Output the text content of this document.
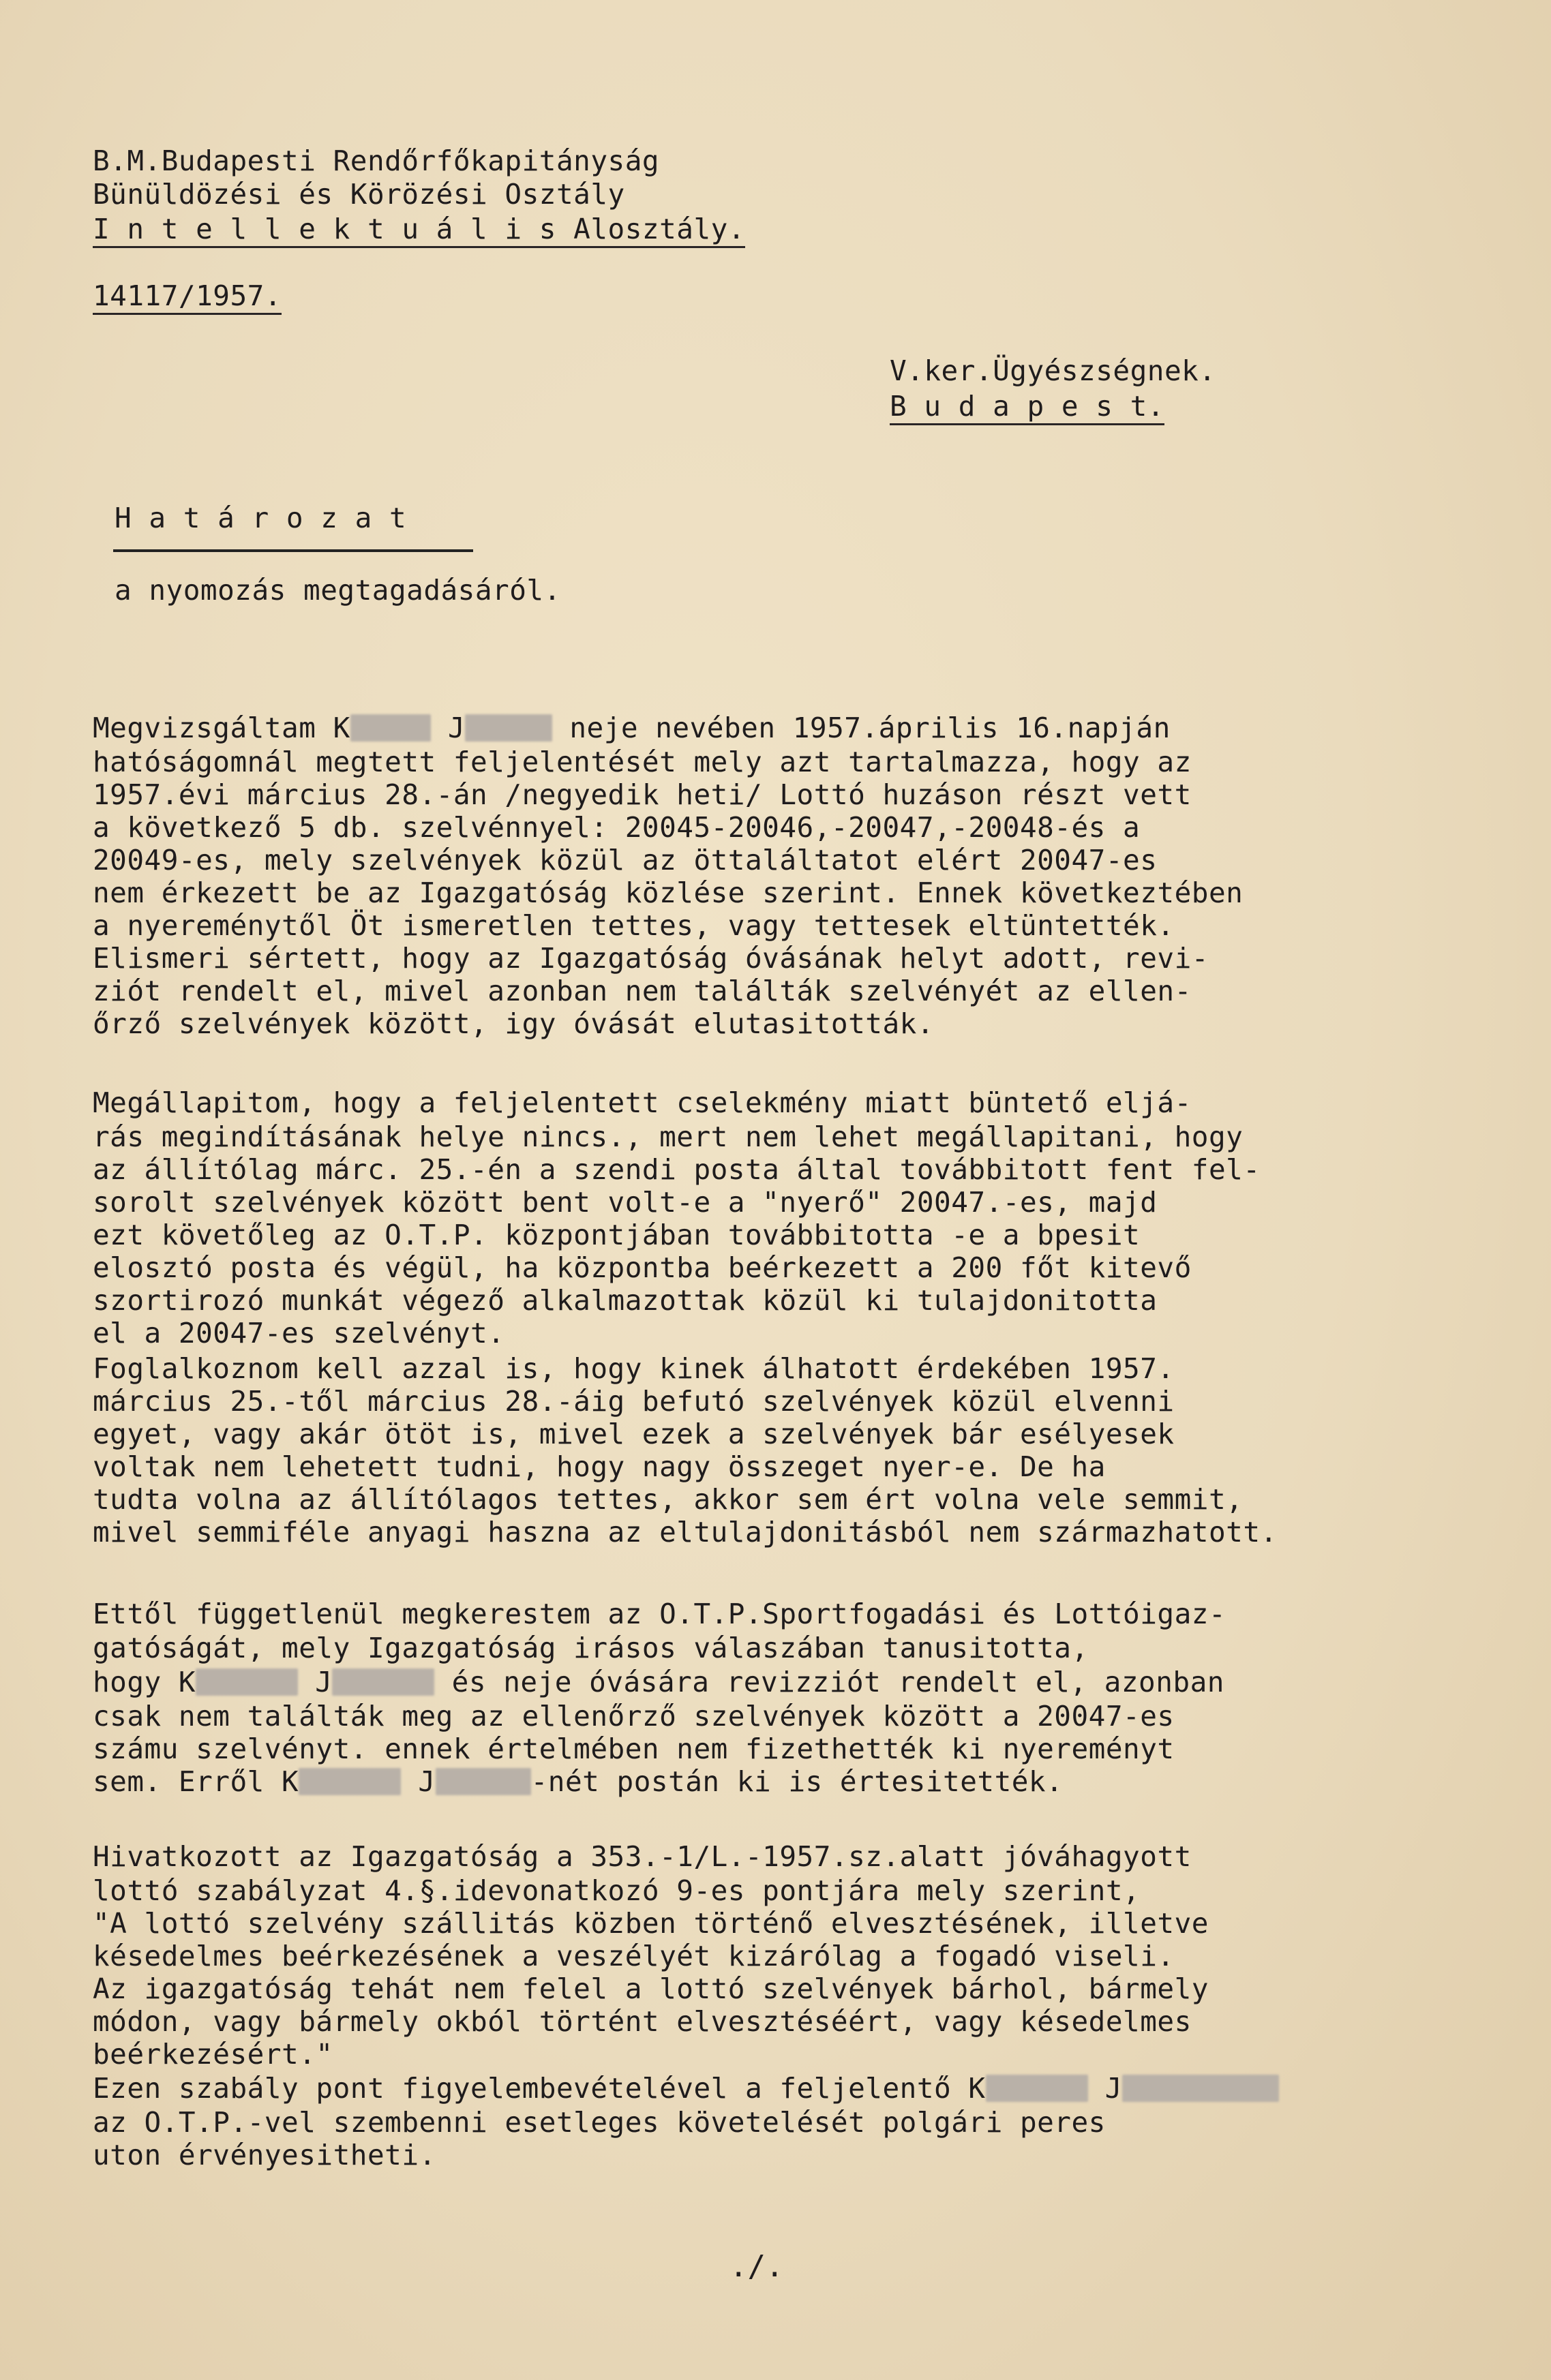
B.M.Budapesti Rendőrfőkapitányság
Bünüldözési és Körözési Osztály
I n t e l l e k t u á l i s Alosztály.
14117/1957.
V.ker.Ügyészségnek.
B u d a p e s t.
H a t á r o z a t
a nyomozás megtagadásáról.
Megvizsgáltam K	J	neje nevében 1957.április 16.napján
hatóságomnál megtett feljelentését mely azt tartalmazza, hogy az
1957.évi március 28.-án /negyedik heti/ Lottó huzáson részt vett
a következő 5 db. szelvénnyel: 20045-20046,-20047,-20048-és a
20049-es, mely szelvények közül az öttaláltatot elért 20047-es
nem érkezett be az Igazgatóság közlése szerint. Ennek következtében
a nyereménytől Öt ismeretlen tettes, vagy tettesek eltüntették.
Elismeri sértett, hogy az Igazgatóság óvásának helyt adott, revi-
ziót rendelt el, mivel azonban nem találták szelvényét az ellen-
őrző szelvények között, igy óvását elutasitották.
Megállapitom, hogy a feljelentett cselekmény miatt büntető eljá-
rás megindításának helye nincs., mert nem lehet megállapitani, hogy
az állítólag márc. 25.-én a szendi posta által továbbitott fent fel-
sorolt szelvények között bent volt-e a "nyerő" 20047.-es, majd
ezt követőleg az O.T.P. központjában továbbitotta -e a bpesit
elosztó posta és végül, ha központba beérkezett a 200 főt kitevő
szortirozó munkát végező alkalmazottak közül ki tulajdonitotta
el a 20047-es szelvényt.
Foglalkoznom kell azzal is, hogy kinek álhatott érdekében 1957.
március 25.-től március 28.-áig befutó szelvények közül elvenni
egyet, vagy akár ötöt is, mivel ezek a szelvények bár esélyesek
voltak nem lehetett tudni, hogy nagy összeget nyer-e. De ha
tudta volna az állítólagos tettes, akkor sem ért volna vele semmit,
mivel semmiféle anyagi haszna az eltulajdonitásból nem származhatott.
Ettől függetlenül megkerestem az O.T.P.Sportfogadási és Lottóigaz-
gatóságát, mely Igazgatóság irásos válaszában tanusitotta,
hogy K	J	és neje óvására revizziót rendelt el, azonban
csak nem találták meg az ellenőrző szelvények között a 20047-es
számu szelvényt. ennek értelmében nem fizethették ki nyereményt
sem. Erről K	J	-nét postán ki is értesitették.
Hivatkozott az Igazgatóság a 353.-1/L.-1957.sz.alatt jóváhagyott
lottó szabályzat 4.§.idevonatkozó 9-es pontjára mely szerint,
"A lottó szelvény szállitás közben történő elvesztésének, illetve
késedelmes beérkezésének a veszélyét kizárólag a fogadó viseli.
Az igazgatóság tehát nem felel a lottó szelvények bárhol, bármely
módon, vagy bármely okból történt elvesztéséért, vagy késedelmes
beérkezésért."
Ezen szabály pont figyelembevételével a feljelentő K	J
az O.T.P.-vel szembenni esetleges követelését polgári peres
uton érvényesitheti.
./.
